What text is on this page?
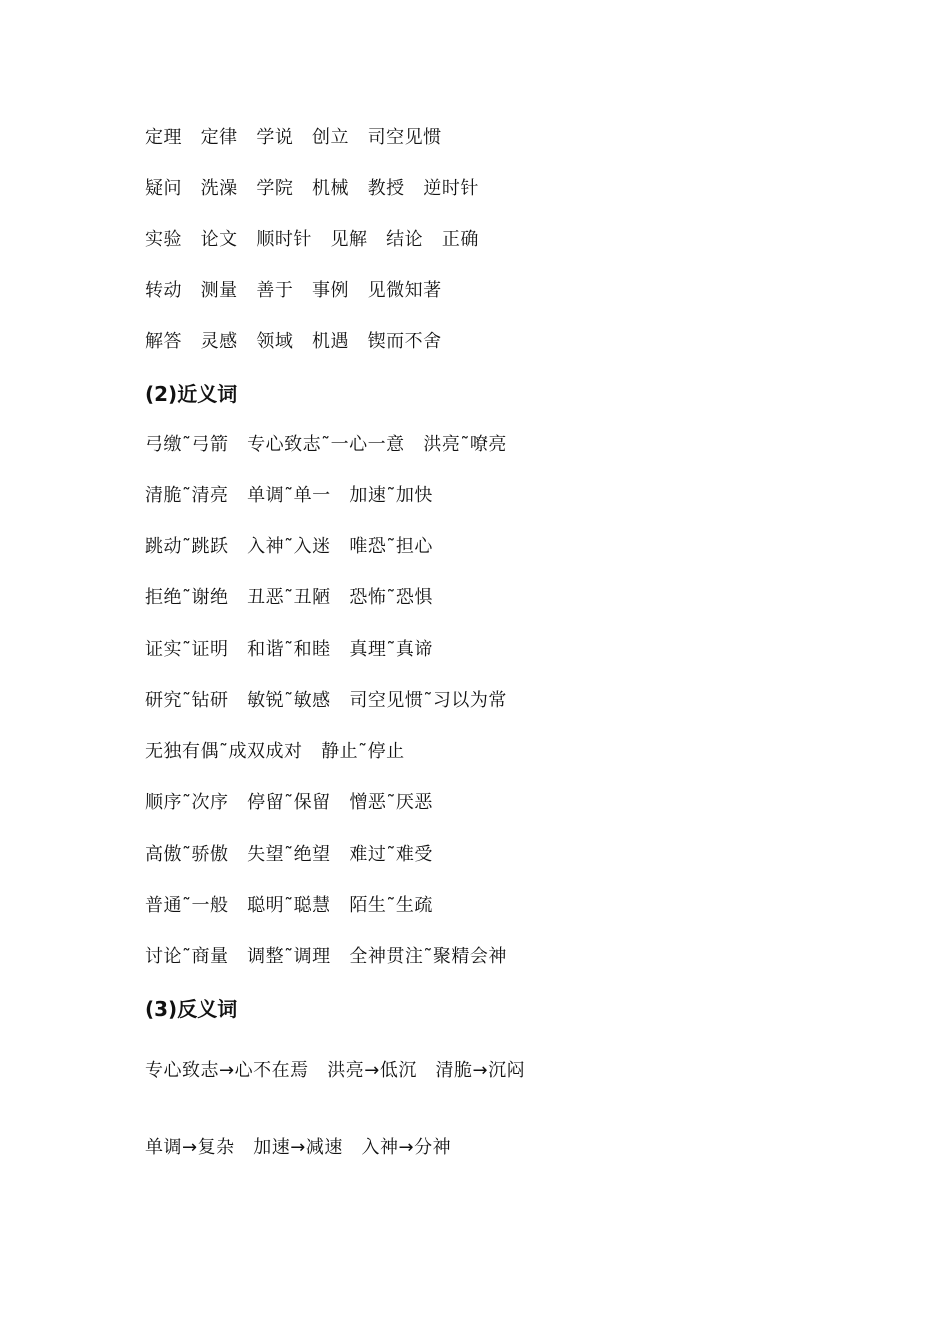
定理   定律   学说   创立   司空见惯
疑问   洗澡   学院   机械   教授   逆时针
实验   论文   顺时针   见解   结论   正确
转动   测量   善于   事例   见微知著
解答   灵感   领域   机遇   锲而不舍
(2)近义词
弓缴˜弓箭   专心致志˜一心一意   洪亮˜嘹亮
清脆˜清亮   单调˜单一   加速˜加快
跳动˜跳跃   入神˜入迷   唯恐˜担心
拒绝˜谢绝   丑恶˜丑陋   恐怖˜恐惧
证实˜证明   和谐˜和睦   真理˜真谛
研究˜钻研   敏锐˜敏感   司空见惯˜习以为常
无独有偶˜成双成对   静止˜停止
顺序˜次序   停留˜保留   憎恶˜厌恶
高傲˜骄傲   失望˜绝望   难过˜难受
普通˜一般   聪明˜聪慧   陌生˜生疏
讨论˜商量   调整˜调理   全神贯注˜聚精会神
(3)反义词
专心致志→心不在焉   洪亮→低沉   清脆→沉闷
单调→复杂   加速→减速   入神→分神
